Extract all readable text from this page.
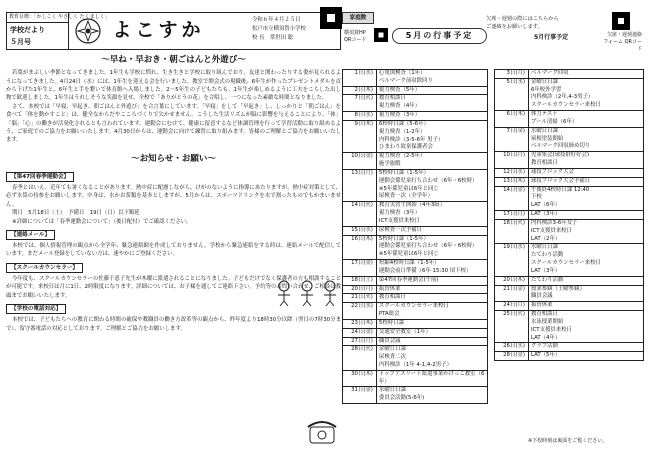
教育目標：「かしこく やさしく たくましく」
学校だより
５月号
よこすか	令和６年４月２５日
松戸市立横須賀小学校
校 長　常世田 聡
～早ね・早おき・朝ごはんと外遊び～

若葉がまぶしい季節となってきました。1年生も学校に慣れ、生き生きと学校に取り組んでおり、友達と関わったりする姿が見られるようになってきました。4月24日（水）には、1年生を迎える会を行いました。教室で開会式の現職後、6年生が作ったプレゼントメダルを首から下げた1年生と、6年生と手を繋いで体育館へ入場しました。2～5年生の子どもたちも、1年生が楽しめるように工夫をこらした出し物で歓迎しました。1年生はうれしそうな笑顔を見せ、全校で「ありがとうの花」を合唱し、一つになった素敵な時間となりました。

さて、本校では「早寝、早起き、朝ごはんと外遊び」を合言葉にしています。「早寝」をして「早起き」し、しっかりと「朝ごはん」を食べて「体を動かすこと」は、健全なからだやこころづくりで欠かせません。こうした生活リズムが脳に影響を与えることにより、「体」「脳」「心」の働きが活発化されるとも言われています。運動会にむけて、健康に留意するなど体調管理を行って学習活動に取り組めるよう、ご家庭でのご協力をお願いいたします。4月30日からは、運動会に向けて練習に取り組みます。皆様のご理解とご協力をお願いいたします。

～お知らせ・お願い～
【第47回春季運動会】

春季とはいえ、近年ても暑くなることがあります。熱中症に配慮しながら、けがのないように指導にあたりますが、熱中症対策として、必ず水筒の持参をお願いします。中身は、水かお茶類を基本としますが、5月からは、スポーツドリンクを水で割ったものでもかまいません。

期日　5月18日（土）　予備日　19日（日）以下順延

※詳細については「春季運動会について」（後日配付）でご確認ください。

【連絡メール】

本校では、個人情報管理の観点から全学年、緊急連絡網を作成しておりません。学校から緊急連絡をする時は、連絡メールで配信しています。まだメール登録をしていない方は、速やかにご登録ください。

【スクールカウンセラー】

今年度も、スクールカウンセラーの佐藤千恵子先生が木曜に派遣されることになりました。子どもだけでなく保護者の方も相談することが可能です。来校日は月に1日、2時限度になります。詳細については、お子様を通してご連絡下さい。予約等のお問い合わせ、ご相談は教頭までお願いいたします。

【学校の電話対応】

本校では、子どもたちへの教育に関わる時間の確保や教職員の働き方改革等の観点から、昨年度より18時30分以降（翌日の7時30分まで）、留守番電話の対応としております。ご理解とご協力をお願いします。

家庭数
横須賀HP
QRコード	5月の行事予定	5月行事予定
欠席・遅刻の際にはこちらから
ご連絡をお願いします。
欠席・遅刻連絡
フォーム QRコード
1日(水)	心電図検査（1年）
ベルマーク前収除回り

2日(木)	視力検査（5年）

7日(火)	教育相談日
視力検査（4年）

8日(水)	視力検査（3年）

9日(木)	6校時日課（5-6年）
視力検査（1-2年）
内科検診（3-5-6年 男子）
ひまわり故童保護者会

10日(金)	視力検査（2-5年）
施学旅暇

13日(月)	5校時日課（1-5年）
運動会係児童打ち合わせ（6年・6校時）
※5年係児童は6年と同じ
尿検査一次（全学年）

14日(火)	教育実習生開始（4年3組）
視力検査（3年）
ICT支援員来校日

15日(水)	尿検査一次予備日

16日(木)	5校時日課（1-5年）
運動会係児童打ち合わせ（6年・6校時）
※5年係児童は6年と同じ

17日(金)	短縮4校時日課（1-5年）
運動会前日準備（6年 15:30 頃下校）

18日(土)	第47回春季運動会(午前)

20日(月)	振替休業

21日(火)	教育相談日

22日(水)	スクールカウンセラー来校日
PTA総会

23日(木)	5校時日課

24日(金)	交通安全教室（1年）

27日(月)	職員会議

28日(火)	金曜日日課
尿検査二次
内科検診（1年 4-1,4-2男子）

30日(木)	トップアスリート派遣事業かけっこ教室（6年）

31日(金)	水曜日日課
委員会活動(5-6年)
3日(月)	ベルマーク回収

5日(水)	金曜日日課
6年校外学習
内科検診（2年,4-3男子）
スクールカウンセラー来校日

6日(木)	体力テスト
プール清掃（6年）

7日(金)	水曜日日課
屋根塗装開始
ベルマーク回収締め切り

10日(月)	児童集会(球技群好好会)
教育相談日

12日(水)	球技ブロック大会

13日(木)	球技ブロック大会予備日

14日(金)	午後終4校時日課 12:40
下校
LAT（6年）

17日(月)	LAT（3年）

18日(火)	内科検診3-6年女子
ICT支援員来校日
LAT（2年）

19日(水)	水曜日日課
たてわり活動
スクールカウンセラー来校日
LAT（3年）

20日(木)	たてわり活動

21日(金)	授業参観（土曜参観）
職員会議

24日(月)	振替休業

25日(火)	教育相談日
水泳授業開始
ICT支援員来校日
LAT（4年）

26日(水)	クラブ活動

28日(金)	LAT（5年）
※下校時刻は裏面をご覧ください。
